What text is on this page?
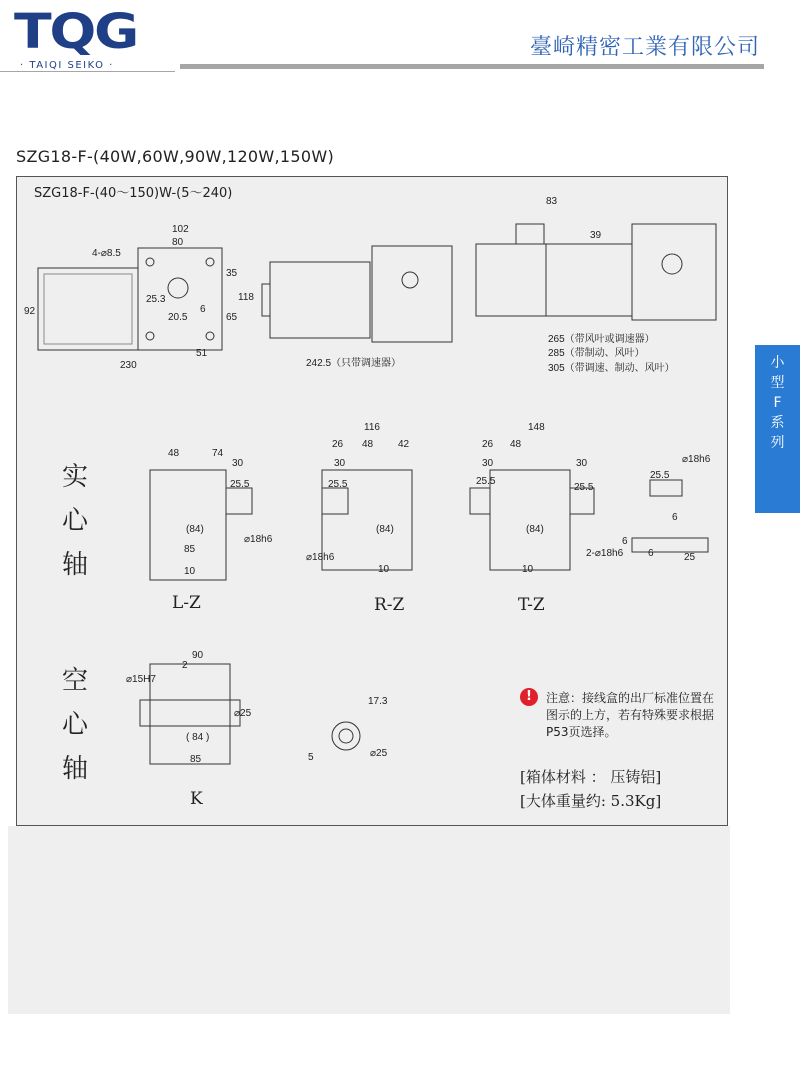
TQG
· TAIQI SEIKO ·
臺崎精密工業有限公司
SZG18-F-(40W,60W,90W,120W,150W)
SZG18-F-(40～150)W-(5～240)
小
型
F
系
列
4-⌀8.5
102
80
35
118
65
92
25.3
20.5
6
51
230	242.5（只带调速器）
83
39
265（带风叶或调速器）
285（带制动、风叶）
305（带调速、制动、风叶）
48	74
30
25.5
(84)
85
10
⌀18h6
116
26 48 42
30
25.5
(84)
10
⌀18h6
148
26 48
30	30
25.5
25.5
(84)
10
2-⌀18h6
25.5
⌀18h6
6
6
6	25
90
2
⌀15H7
⌀25
( 84 )
85
17.3
5	⌀25
实
心
轴
空
心
轴
L-Z	R-Z	T-Z
K
!	注意：接线盒的出厂标准位置在图示的上方，若有特殊要求根据P53页选择。
[箱体材料 ： 压铸铝]
[大体重量约: 5.3Kg]
